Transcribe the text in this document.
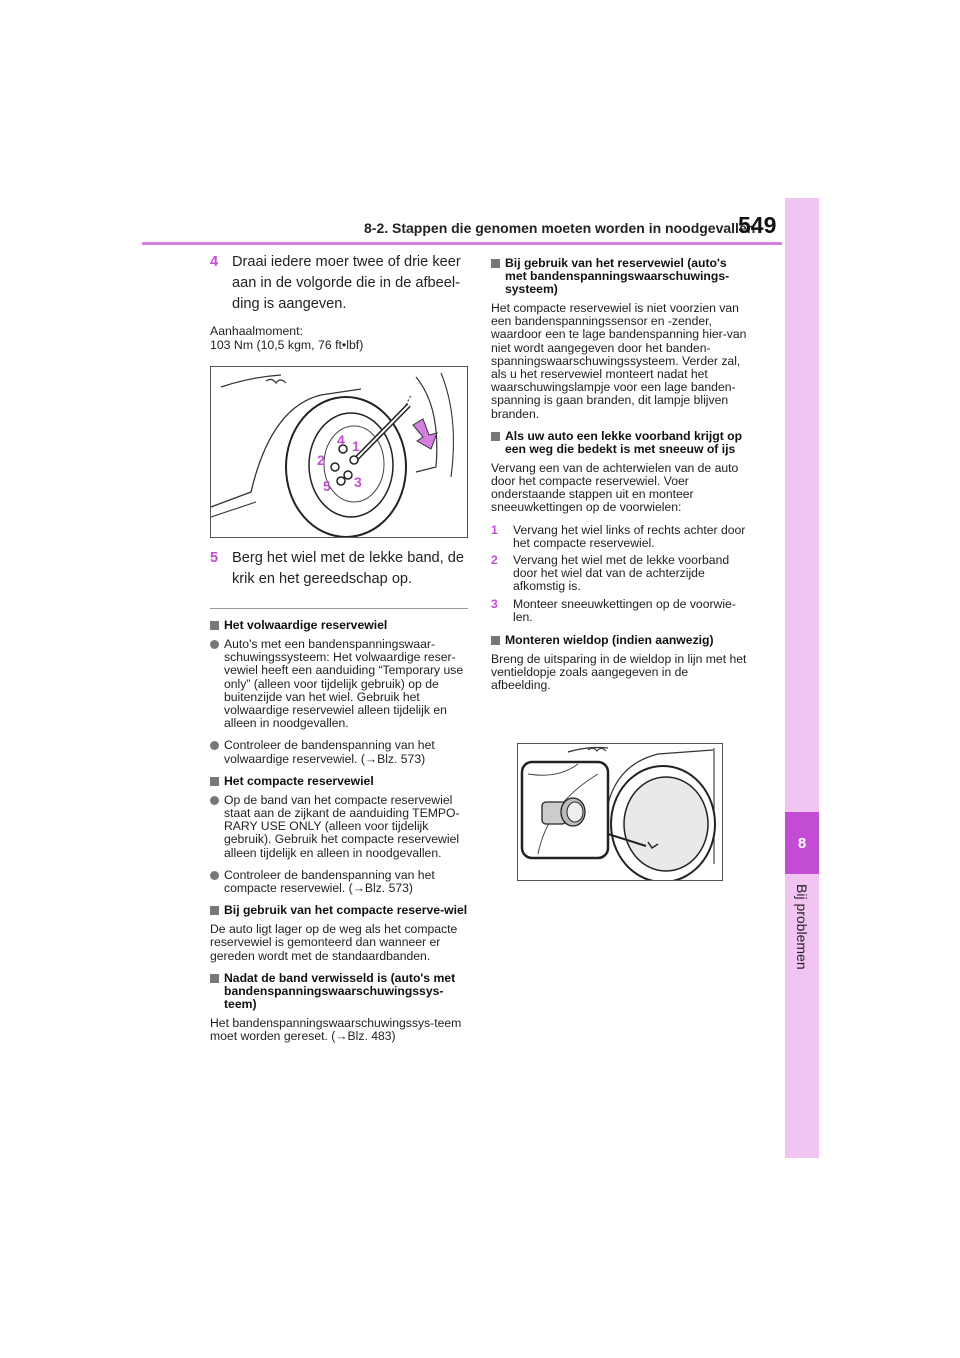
8
Bij problemen
8-2. Stappen die genomen moeten worden in noodgevallen
549
4 Draai iedere moer twee of drie keer aan in de volgorde die in de afbeel-ding is aangeven.
Aanhaalmoment:
103 Nm (10,5 kgm, 76 ft•lbf)
4 1
2
3
5
5 Berg het wiel met de lekke band, de krik en het gereedschap op.
Het volwaardige reservewiel
Auto's met een bandenspanningswaar-schuwingssysteem: Het volwaardige reser-vewiel heeft een aanduiding “Temporary use only” (alleen voor tijdelijk gebruik) op de buitenzijde van het wiel. Gebruik het volwaardige reservewiel alleen tijdelijk en alleen in noodgevallen.
Controleer de bandenspanning van het volwaardige reservewiel. (→Blz. 573)
Het compacte reservewiel
Op de band van het compacte reservewiel staat aan de zijkant de aanduiding TEMPO-RARY USE ONLY (alleen voor tijdelijk gebruik). Gebruik het compacte reservewiel alleen tijdelijk en alleen in noodgevallen.
Controleer de bandenspanning van het compacte reservewiel. (→Blz. 573)
Bij gebruik van het compacte reserve-wiel
De auto ligt lager op de weg als het compacte reservewiel is gemonteerd dan wanneer er gereden wordt met de standaardbanden.
Nadat de band verwisseld is (auto's met bandenspanningswaarschuwingssys-teem)
Het bandenspanningswaarschuwingssys-teem moet worden gereset. (→Blz. 483)
Bij gebruik van het reservewiel (auto's met bandenspanningswaarschuwings-systeem)
Het compacte reservewiel is niet voorzien van een bandenspanningssensor en -zender, waardoor een te lage bandenspanning hier-van niet wordt aangegeven door het banden-spanningswaarschuwingssysteem. Verder zal, als u het reservewiel monteert nadat het waarschuwingslampje voor een lage banden-spanning is gaan branden, dit lampje blijven branden.
Als uw auto een lekke voorband krijgt op een weg die bedekt is met sneeuw of ijs
Vervang een van de achterwielen van de auto door het compacte reservewiel. Voer onderstaande stappen uit en monteer sneeuwkettingen op de voorwielen:
1	Vervang het wiel links of rechts achter door het compacte reservewiel.
2	Vervang het wiel met de lekke voorband door het wiel dat van de achterzijde afkomstig is.
3	Monteer sneeuwkettingen op de voorwie-len.
Monteren wieldop (indien aanwezig)
Breng de uitsparing in de wieldop in lijn met het ventieldopje zoals aangegeven in de afbeelding.
